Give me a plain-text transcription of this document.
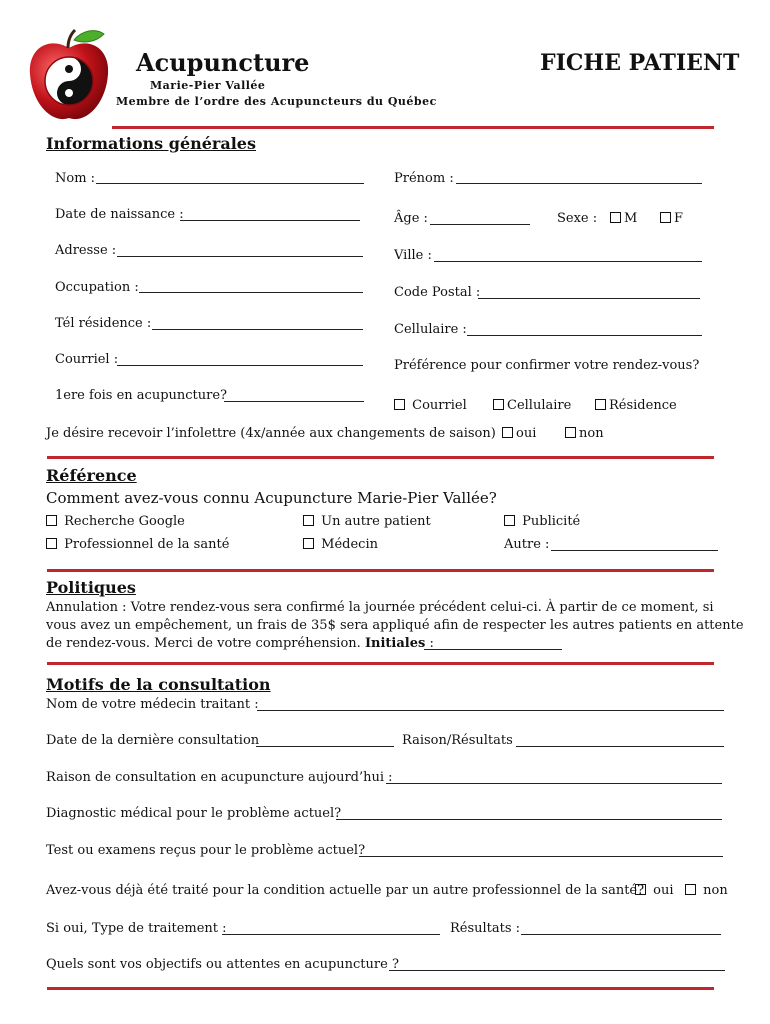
Acupuncture	FICHE PATIENT
Marie-Pier Vallée
Membre de l’ordre des Acupuncteurs du Québec
Informations générales
Nom :	Prénom :
Date de naissance :	Âge :	Sexe :	M	F
Adresse :	Ville :
Occupation :	Code Postal :
Tél résidence :	Cellulaire :
Courriel :	Préférence pour confirmer votre rendez-vous?
1ere fois en acupuncture?
Courriel	Cellulaire	Résidence
Je désire recevoir l’infolettre (4x/année aux changements de saison)	oui	non
Référence
Comment avez-vous connu Acupuncture Marie-Pier Vallée?
Recherche Google	Un autre patient	Publicité
Professionnel de la santé	Médecin	Autre :
Politiques
Annulation : Votre rendez-vous sera confirmé la journée précédent celui-ci. À partir de ce moment, si
vous avez un empêchement, un frais de 35$ sera appliqué afin de respecter les autres patients en attente
de rendez-vous. Merci de votre compréhension. Initiales :
Motifs de la consultation
Nom de votre médecin traitant :
Date de la dernière consultation	Raison/Résultats
Raison de consultation en acupuncture aujourd’hui :
Diagnostic médical pour le problème actuel?
Test ou examens reçus pour le problème actuel?
Avez-vous déjà été traité pour la condition actuelle par un autre professionnel de la santé? oui	non
Si oui, Type de traitement :	Résultats :
Quels sont vos objectifs ou attentes en acupuncture ?
